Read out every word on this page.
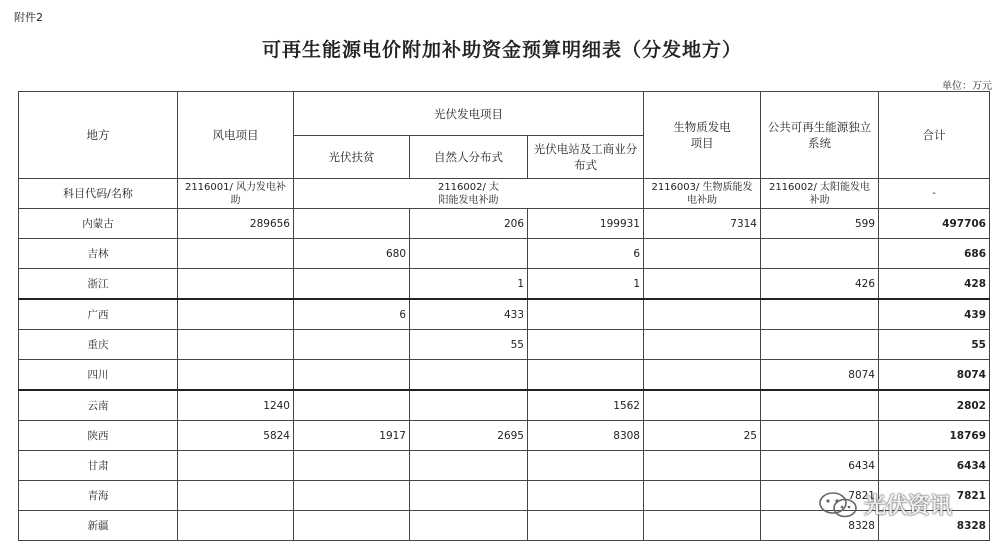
附件2
可再生能源电价附加补助资金预算明细表（分发地方）
单位：万元
地方	风电项目	光伏发电项目			生物质发电项目	公共可再生能源独立系统	合计
		光伏扶贫	自然人分布式	光伏电站及工商业分布式			
科目代码/名称	2116001/ 风力发电补助	2116002/ 太阳能发电补助			2116003/ 生物质能发电补助	2116002/ 太阳能发电补助	-
内蒙古	289656		206	199931	7314	599	497706
吉林		680		6			686
浙江			1	1		426	428
广西		6	433				439
重庆			55				55
四川						8074	8074
云南	1240			1562			2802
陕西	5824	1917	2695	8308	25		18769
甘肃						6434	6434
青海						7821	7821
新疆						8328	8328
光伏资讯
